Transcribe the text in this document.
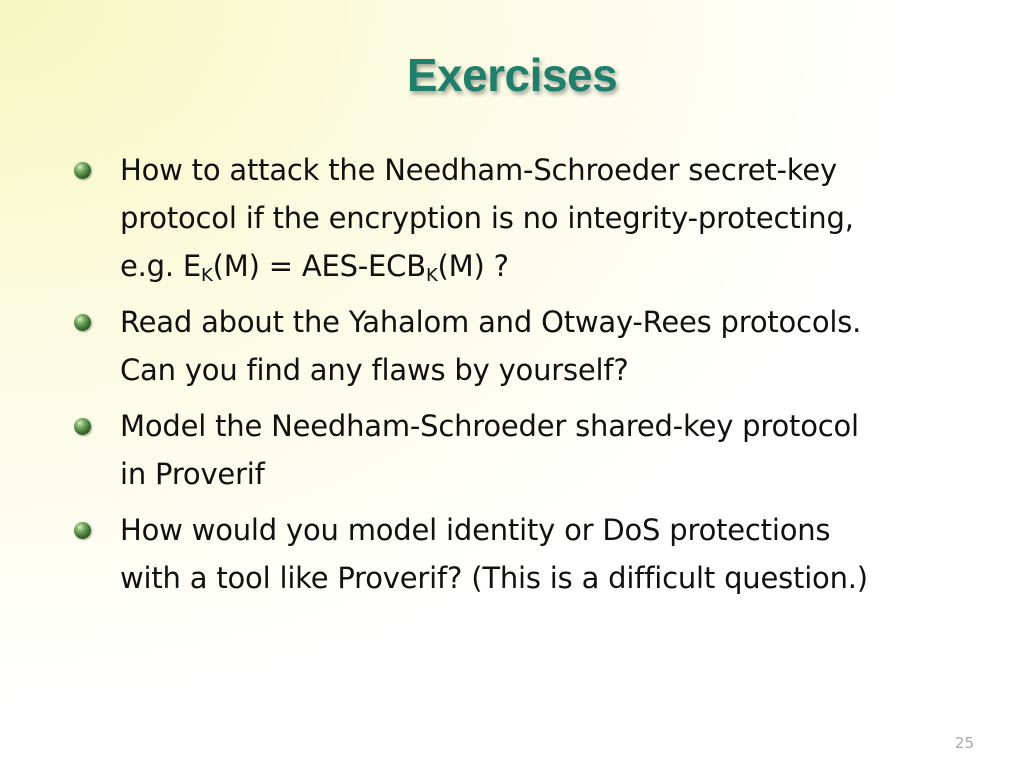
Exercises
How to attack the Needham-Schroeder secret-key
protocol if the encryption is no integrity-protecting,
e.g. $E_K(M) = AES-ECB_K(M)$ ?
Read about the Yahalom and Otway-Rees protocols.
Can you find any flaws by yourself?
Model the Needham-Schroeder shared-key protocol
in Proverif
How would you model identity or DoS protections
with a tool like Proverif? (This is a difficult question.)
25
